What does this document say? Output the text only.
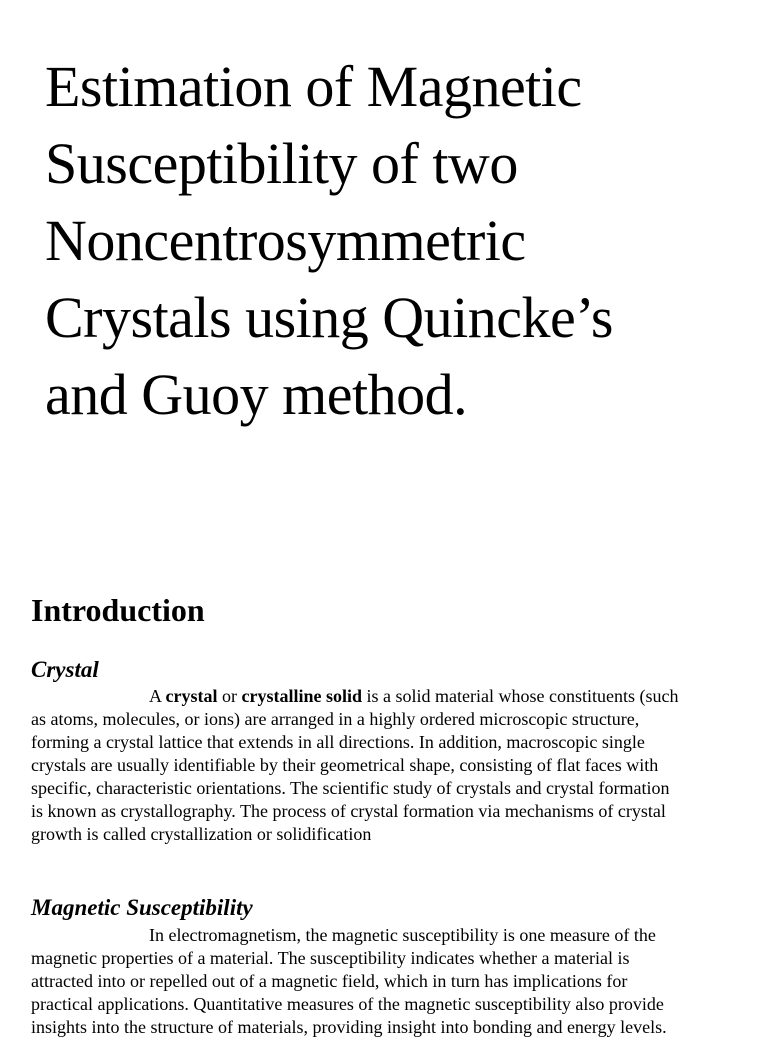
Estimation of Magnetic
Susceptibility of two
Noncentrosymmetric
Crystals using Quincke’s
and Guoy method.
Introduction
Crystal
A crystal or crystalline solid is a solid material whose constituents (such
as atoms, molecules, or ions) are arranged in a highly ordered microscopic structure,
forming a crystal lattice that extends in all directions. In addition, macroscopic single
crystals are usually identifiable by their geometrical shape, consisting of flat faces with
specific, characteristic orientations. The scientific study of crystals and crystal formation
is known as crystallography. The process of crystal formation via mechanisms of crystal
growth is called crystallization or solidification
Magnetic Susceptibility
In electromagnetism, the magnetic susceptibility is one measure of the
magnetic properties of a material. The susceptibility indicates whether a material is
attracted into or repelled out of a magnetic field, which in turn has implications for
practical applications. Quantitative measures of the magnetic susceptibility also provide
insights into the structure of materials, providing insight into bonding and energy levels.
